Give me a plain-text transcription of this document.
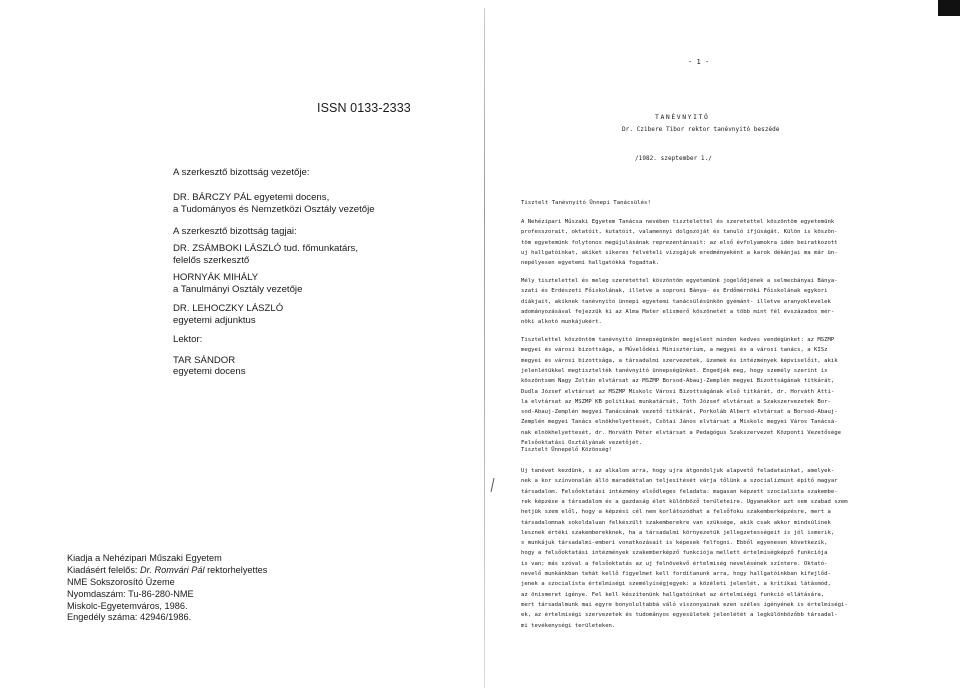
ISSN 0133-2333
A szerkesztő bizottság vezetője:
DR. BÁRCZY PÁL egyetemi docens,
a Tudományos és Nemzetközi Osztály vezetője
A szerkesztő bizottság tagjai:
DR. ZSÁMBOKI LÁSZLÓ tud. főmunkatárs,
felelős szerkesztő
HORNYÁK MIHÁLY
a Tanulmányi Osztály vezetője
DR. LEHOCZKY LÁSZLÓ
egyetemi adjunktus
Lektor:
TAR SÁNDOR
egyetemi docens
Kiadja a Nehézipari Műszaki Egyetem
Kiadásért felelős: Dr. Romvári Pál rektorhelyettes
NME Sokszorosító Üzeme
Nyomdaszám: Tu-86-280-NME
Miskolc-Egyetemváros, 1986.
Engedély száma: 42946/1986.
- 1 -
TANÉVNYITÓ
Dr. Czibere Tibor rektor tanévnyitó beszéde
/1982. szeptember 1./
Tisztelt Tanévnyitó Ünnepi Tanácsülés!
A Nehézipari Műszaki Egyetem Tanácsa nevében tisztelettel és szeretettel köszöntöm egyetemünk
professzorait, oktatóit, kutatóit, valamennyi dolgozóját és tanuló ifjúságát. Külön is köszön-
töm egyetemünk folytonos megújulásának reprezentánsait: az első évfolyamokra idén beiratkozott
uj hallgatóinkat, akiket sikeres felvételi vizsgájuk eredményeként a karok dékánjai ma már ün-
nepélyesen egyetemi hallgatókká fogadtak.
Mély tisztelettel és meleg szeretettel köszöntöm egyetemünk jogelődjének a selmecbányai Bánya-
szati és Erdészeti Főiskolának, illetve a soproni Bánya- és Erdőmérnöki Főiskolának egykori
diákjait, akiknek tanévnyitó ünnepi egyetemi tanácsülésünkön gyémánt- illetve aranyoklevelek
adományozásával fejezzük ki az Alma Mater elismerő köszönetét a több mint fél évszázados mér-
nöki alkotó munkájukért.
Tisztelettel köszöntöm tanévnyitó ünnepségünkön megjelent minden kedves vendégünket: az MSZMP
megyei és városi bizottsága, a Művelődési Minisztérium, a megyei és a városi tanács, a KISz
megyei és városi bizottsága, a társadalmi szervezetek, üzemek és intézmények képviselőit, akik
jelenlétükkel megtisztelték tanévnyitó ünnepségünket. Engedjék meg, hogy személy szerint is
köszöntsem Nagy Zoltán elvtársat az MSZMP Borsod-Abauj-Zemplén megyei Bizottságának titkárát,
Dudla József elvtársat az MSZMP Miskolc Városi Bizottságának első titkárát, dr. Horváth Atti-
la elvtársat az MSZMP KB politikai munkatársát, Tóth József elvtársat a Szakszervezetek Bor-
sod-Abauj-Zemplén megyei Tanácsának vezető titkárát, Porkoláb Albert elvtársat a Borsod-Abauj-
Zemplén megyei Tanács elnökhelyettesét, Csötai János elvtársat a Miskolc megyei Város Tanácsá-
nak elnökhelyettesét, dr. Horváth Péter elvtársat a Pedagógus Szakszervezet Központi Vezetősége
Felsőoktatási Osztályának vezetőjét.
Tisztelt Ünnepélő Közönség!
Uj tanévet kezdünk, s az alkalom arra, hogy ujra átgondoljuk alapvető feladatainkat, amelyek-
nek a kor színvonalán álló maradéktalan teljesítését várja tőlünk a szocializmust építő magyar
társadalom. Felsőoktatási intézmény elsődleges feladata: magasan képzett szocialista szakembe-
rek képzése a társadalom és a gazdaság élet különböző területeire. Ugyanakkor azt sem szabad szem
hetjük szem elől, hogy a képzési cél nem korlátozódhat a felsőfoku szakemberképzésre, mert a
társadalomnak sokoldaluan felkészült szakemberekre van szüksége, akik csak akkor mindsúlinek
lesznek értéki szakemberekknek, ha a társadalmi környezetük jellegzetességeit is jól ismerik,
s munkájuk társadalmi-emberi vonatkozásait is képesek felfogni. Ebből egyenesen következik,
hogy a felsőoktatási intézmények szakemberképző funkciója mellett értelmiségképző funkciója
is van; más szóval a felsőoktatás az uj felnövekvő értelmiség nevelésének színtere. Oktató-
nevelő munkánkban tehát kellő figyelmet kell fordítanunk arra, hogy hallgatóinkban kifejlőd-
jenek a szocialista értelmiségi személyiségjegyek: a közéleti jelenlét, a kritikai látásmód,
az önismeret igénye. Fel kell készítenünk hallgatóinkat az értelmiségi funkció ellátására,
mert társadalmunk mai egyre bonyolultabbá váló viszonyainak ezen széles igényének is értelmiségi-
ek, az értelmiségi szervezetek és tudományos egyesületek jelenlétét a legkülönbözőbb társadal-
mi tevékenységi területeken.
